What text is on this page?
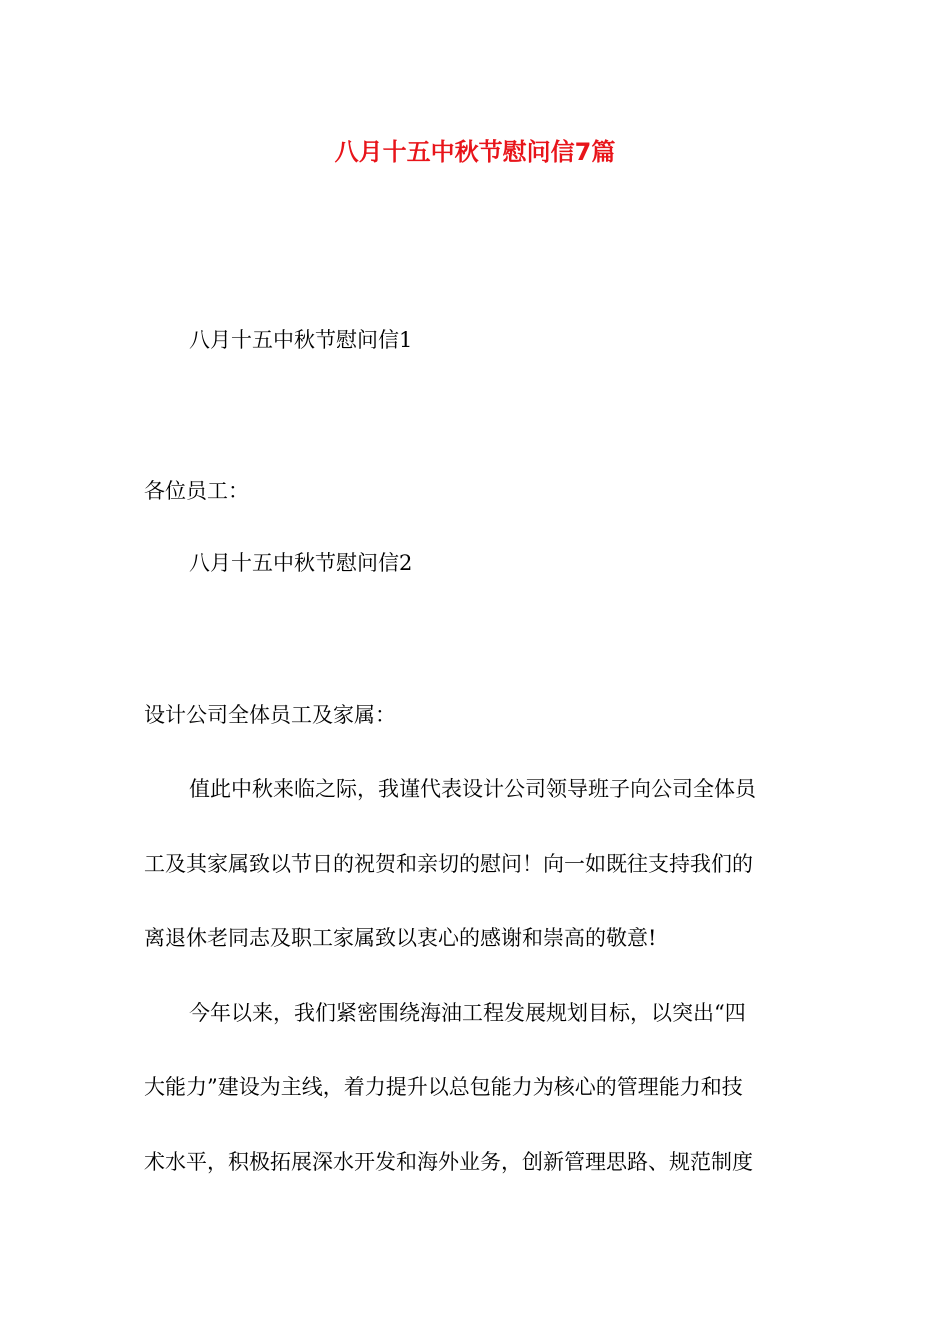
八月十五中秋节慰问信7篇

八月十五中秋节慰问信1

各位员工：

八月十五中秋节慰问信2

设计公司全体员工及家属：

值此中秋来临之际，我谨代表设计公司领导班子向公司全体员

工及其家属致以节日的祝贺和亲切的慰问！向一如既往支持我们的

离退休老同志及职工家属致以衷心的感谢和崇高的敬意!

今年以来，我们紧密围绕海油工程发展规划目标，以突出“四

大能力”建设为主线，着力提升以总包能力为核心的管理能力和技

术水平，积极拓展深水开发和海外业务，创新管理思路、规范制度
